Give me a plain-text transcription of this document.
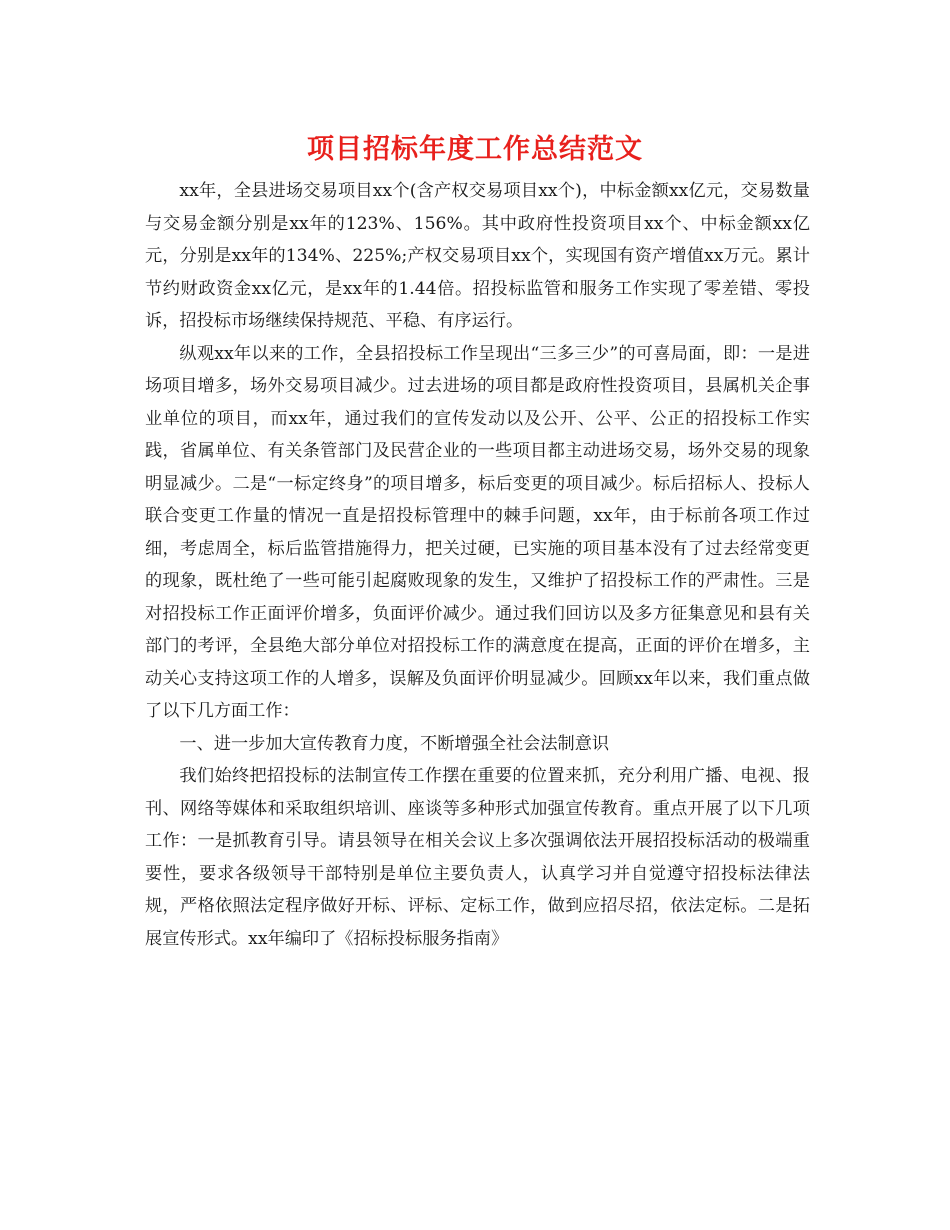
项目招标年度工作总结范文

xx年，全县进场交易项目xx个(含产权交易项目xx个)，中标金额xx亿元，交易数量与交易金额分别是xx年的123%、156%。其中政府性投资项目xx个、中标金额xx亿元，分别是xx年的134%、225%;产权交易项目xx个，实现国有资产增值xx万元。累计节约财政资金xx亿元，是xx年的1.44倍。招投标监管和服务工作实现了零差错、零投诉，招投标市场继续保持规范、平稳、有序运行。

纵观xx年以来的工作，全县招投标工作呈现出“三多三少”的可喜局面，即：一是进场项目增多，场外交易项目减少。过去进场的项目都是政府性投资项目，县属机关企事业单位的项目，而xx年，通过我们的宣传发动以及公开、公平、公正的招投标工作实践，省属单位、有关条管部门及民营企业的一些项目都主动进场交易，场外交易的现象明显减少。二是“一标定终身”的项目增多，标后变更的项目减少。标后招标人、投标人联合变更工作量的情况一直是招投标管理中的棘手问题，xx年，由于标前各项工作过细，考虑周全，标后监管措施得力，把关过硬，已实施的项目基本没有了过去经常变更的现象，既杜绝了一些可能引起腐败现象的发生，又维护了招投标工作的严肃性。三是对招投标工作正面评价增多，负面评价减少。通过我们回访以及多方征集意见和县有关部门的考评，全县绝大部分单位对招投标工作的满意度在提高，正面的评价在增多，主动关心支持这项工作的人增多，误解及负面评价明显减少。回顾xx年以来，我们重点做了以下几方面工作：

一、进一步加大宣传教育力度，不断增强全社会法制意识

我们始终把招投标的法制宣传工作摆在重要的位置来抓，充分利用广播、电视、报刊、网络等媒体和采取组织培训、座谈等多种形式加强宣传教育。重点开展了以下几项工作：一是抓教育引导。请县领导在相关会议上多次强调依法开展招投标活动的极端重要性，要求各级领导干部特别是单位主要负责人，认真学习并自觉遵守招投标法律法规，严格依照法定程序做好开标、评标、定标工作，做到应招尽招，依法定标。二是拓展宣传形式。xx年编印了《招标投标服务指南》
